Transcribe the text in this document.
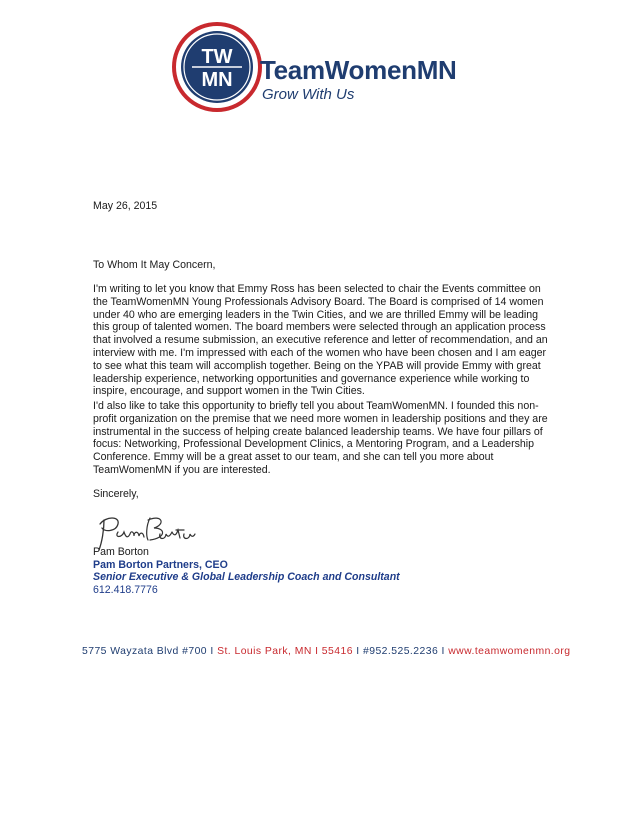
TW
MN TeamWomenMN
Grow With Us
May 26, 2015
To Whom It May Concern,

I'm writing to let you know that Emmy Ross has been selected to chair the Events committee on

the TeamWomenMN Young Professionals Advisory Board. The Board is comprised of 14 women

under 40 who are emerging leaders in the Twin Cities, and we are thrilled Emmy will be leading

this group of talented women. The board members were selected through an application process

that involved a resume submission, an executive reference and letter of recommendation, and an

interview with me. I'm impressed with each of the women who have been chosen and I am eager

to see what this team will accomplish together. Being on the YPAB will provide Emmy with great

leadership experience, networking opportunities and governance experience while working to

inspire, encourage, and support women in the Twin Cities.

I'd also like to take this opportunity to briefly tell you about TeamWomenMN. I founded this non-

profit organization on the premise that we need more women in leadership positions and they are

instrumental in the success of helping create balanced leadership teams. We have four pillars of

focus: Networking, Professional Development Clinics, a Mentoring Program, and a Leadership

Conference. Emmy will be a great asset to our team, and she can tell you more about

TeamWomenMN if you are interested.

Sincerely,
Pam Borton
Pam Borton Partners, CEO
Senior Executive & Global Leadership Coach and Consultant
612.418.7776
5775 Wayzata Blvd #700 I St. Louis Park, MN I 55416 I #952.525.2236 I www.teamwomenmn.org
